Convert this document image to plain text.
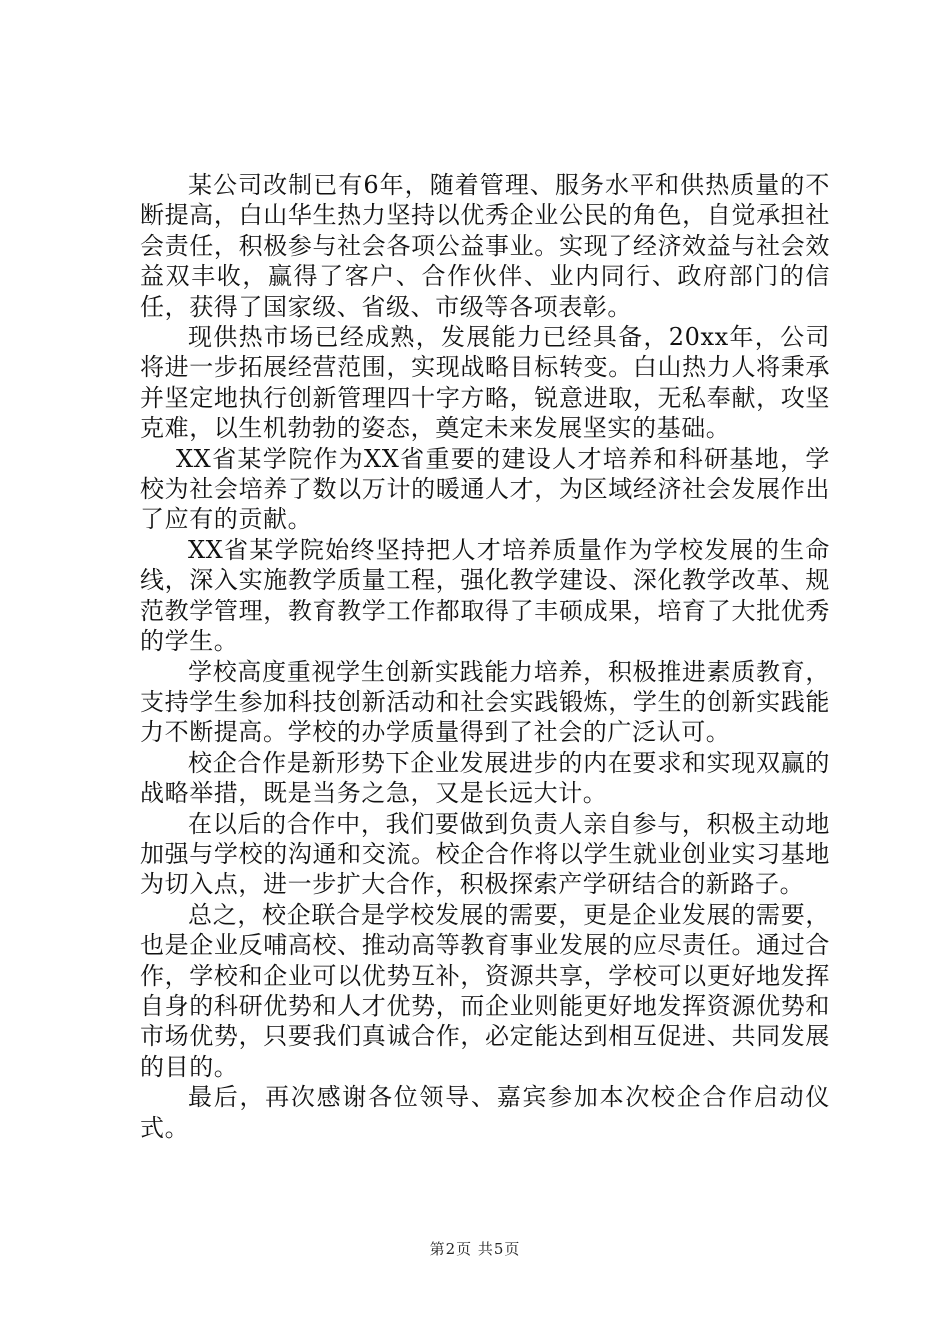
某公司改制已有6年，随着管理、服务水平和供热质量的不断提高，白山华生热力坚持以优秀企业公民的角色，自觉承担社会责任，积极参与社会各项公益事业。实现了经济效益与社会效益双丰收，赢得了客户、合作伙伴、业内同行、政府部门的信任，获得了国家级、省级、市级等各项表彰。

现供热市场已经成熟，发展能力已经具备，20xx年，公司将进一步拓展经营范围，实现战略目标转变。白山热力人将秉承并坚定地执行创新管理四十字方略，锐意进取，无私奉献，攻坚克难，以生机勃勃的姿态，奠定未来发展坚实的基础。

XX省某学院作为XX省重要的建设人才培养和科研基地，学校为社会培养了数以万计的暖通人才，为区域经济社会发展作出了应有的贡献。

XX省某学院始终坚持把人才培养质量作为学校发展的生命线，深入实施教学质量工程，强化教学建设、深化教学改革、规范教学管理，教育教学工作都取得了丰硕成果，培育了大批优秀的学生。

学校高度重视学生创新实践能力培养，积极推进素质教育，支持学生参加科技创新活动和社会实践锻炼，学生的创新实践能力不断提高。学校的办学质量得到了社会的广泛认可。

校企合作是新形势下企业发展进步的内在要求和实现双赢的战略举措，既是当务之急，又是长远大计。

在以后的合作中，我们要做到负责人亲自参与，积极主动地加强与学校的沟通和交流。校企合作将以学生就业创业实习基地为切入点，进一步扩大合作，积极探索产学研结合的新路子。

总之，校企联合是学校发展的需要，更是企业发展的需要，也是企业反哺高校、推动高等教育事业发展的应尽责任。通过合作，学校和企业可以优势互补，资源共享，学校可以更好地发挥自身的科研优势和人才优势，而企业则能更好地发挥资源优势和市场优势，只要我们真诚合作，必定能达到相互促进、共同发展的目的。

最后，再次感谢各位领导、嘉宾参加本次校企合作启动仪式。

第2页 共5页
